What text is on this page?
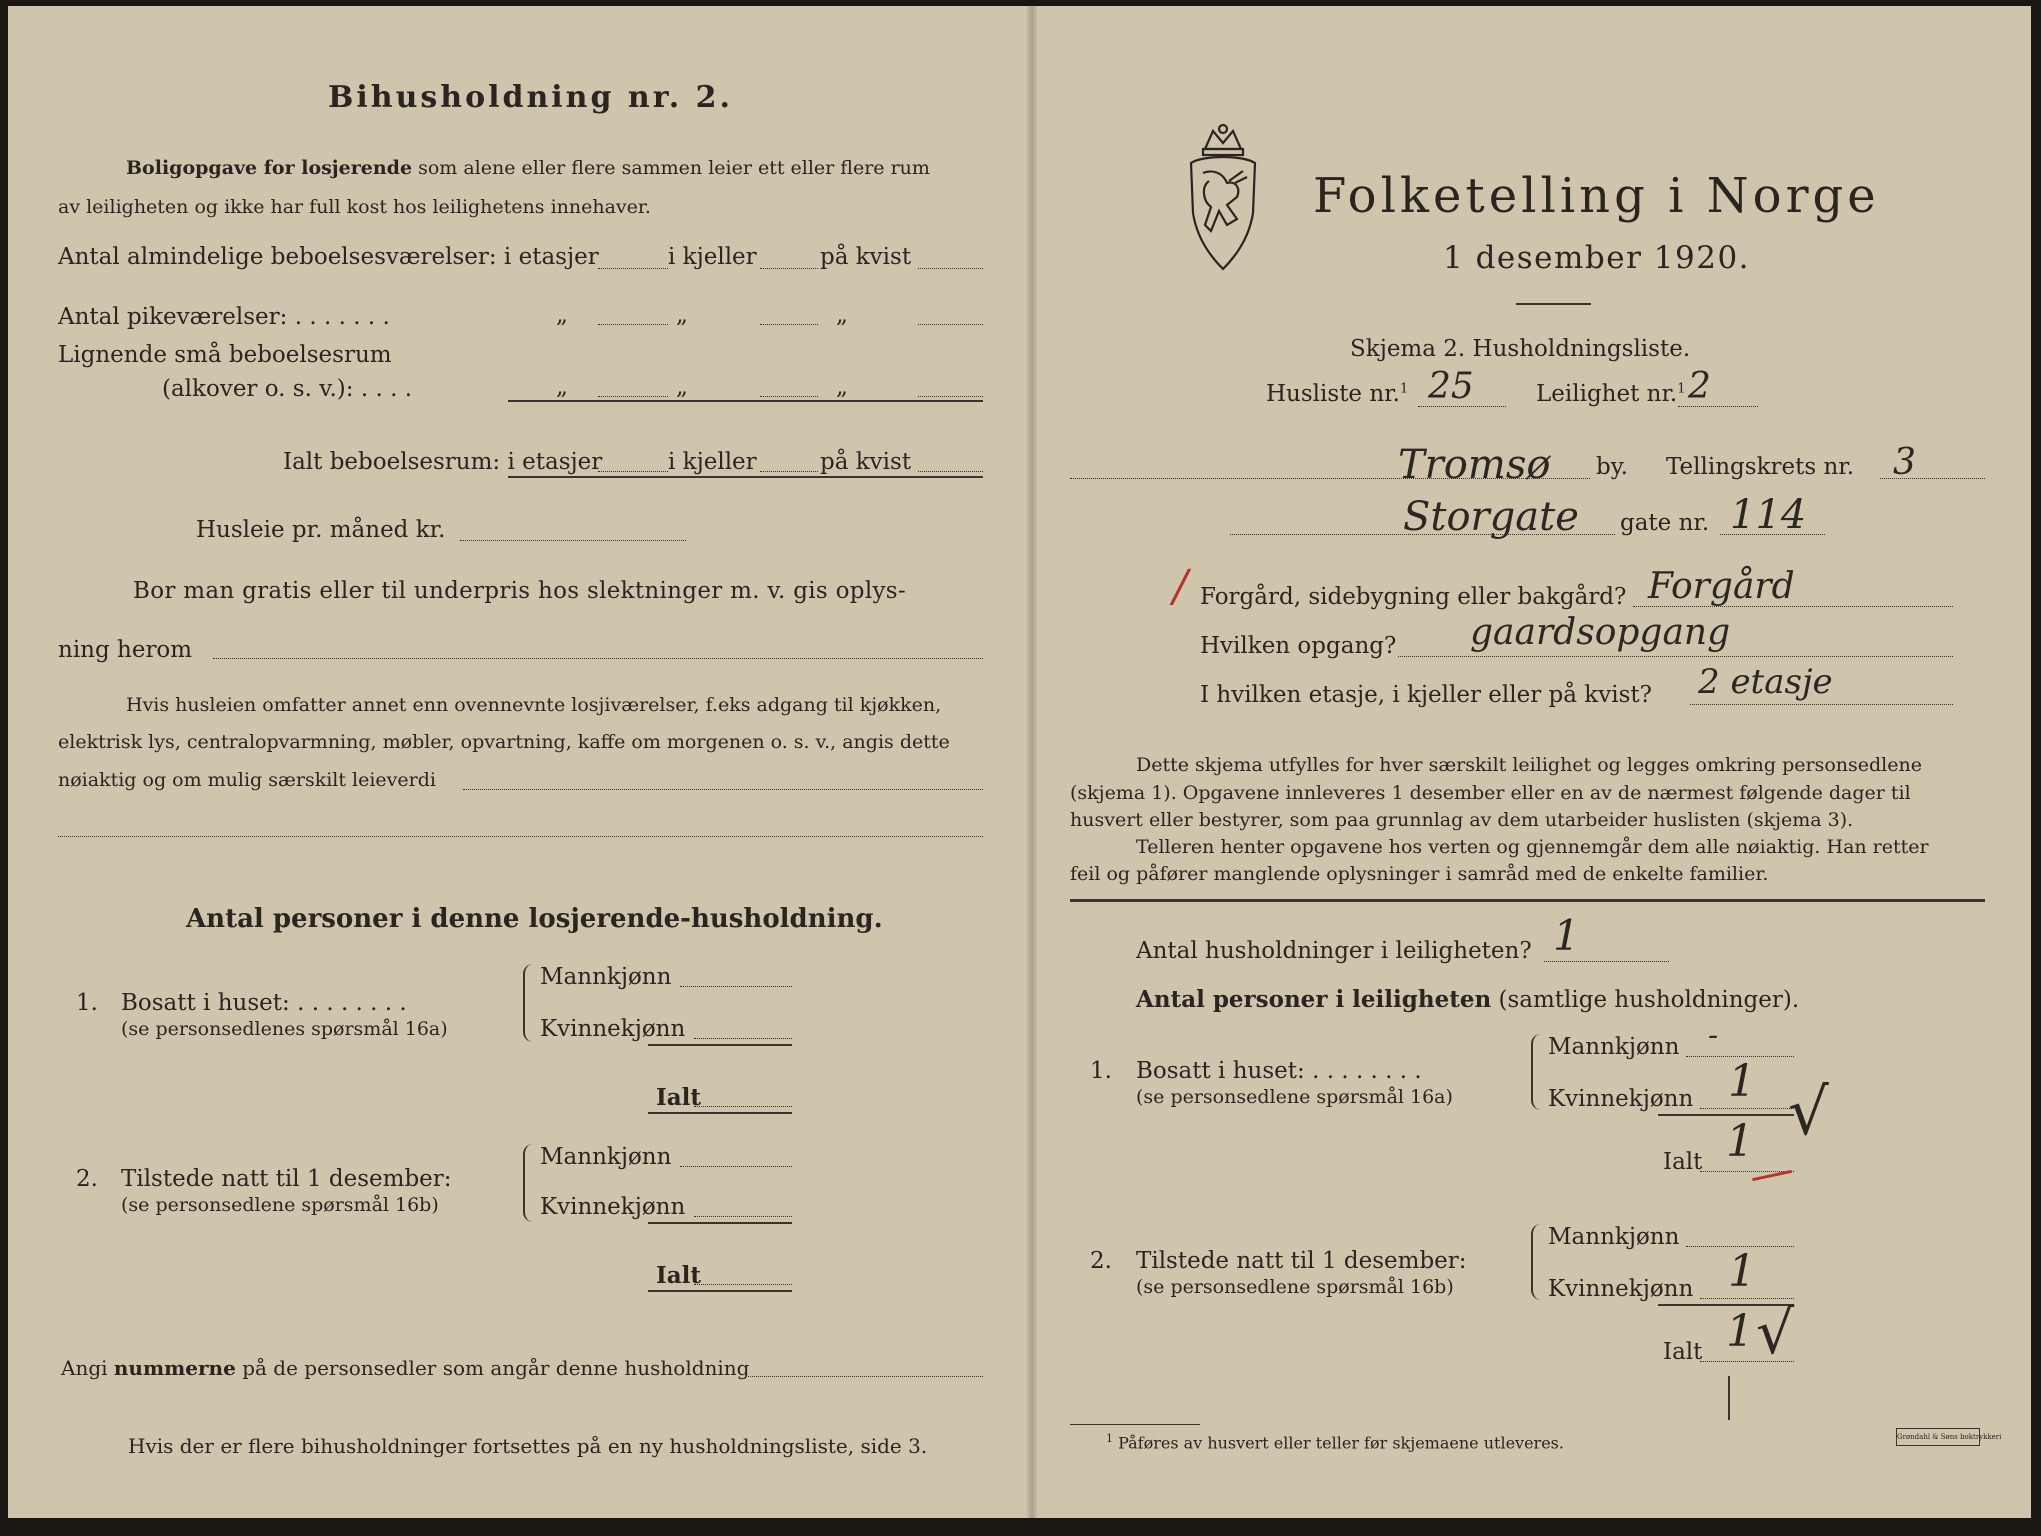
Bihusholdning nr. 2.
Boligopgave for losjerende som alene eller flere sammen leier ett eller flere rum
av leiligheten og ikke har full kost hos leilighetens innehaver.
Antal almindelige beboelsesværelser: i etasjer	i kjeller	på kvist
Antal pikeværelser: . . . . . . .	„	„	„
Lignende små beboelsesrum
(alkover o. s. v.): . . . .	„	„	„
Ialt beboelsesrum: i etasjer	i kjeller	på kvist
Husleie pr. måned kr.
Bor man gratis eller til underpris hos slektninger m. v. gis oplys-
ning herom
Hvis husleien omfatter annet enn ovennevnte losjiværelser, f.eks adgang til kjøkken,
elektrisk lys, centralopvarmning, møbler, opvartning, kaffe om morgenen o. s. v., angis dette
nøiaktig og om mulig særskilt leieverdi
Antal personer i denne losjerende-husholdning.
1. Bosatt i huset: . . . . . . . .
(se personsedlenes spørsmål 16a)
Mannkjønn
Kvinnekjønn
Ialt
2. Tilstede natt til 1 desember:
(se personsedlene spørsmål 16b)
Mannkjønn
Kvinnekjønn
Ialt
Angi nummerne på de personsedler som angår denne husholdning
Hvis der er flere bihusholdninger fortsettes på en ny husholdningsliste, side 3.
Folketelling i Norge
1 desember 1920.
Skjema 2. Husholdningsliste.
Husliste nr.$^1$ 25	Leilighet nr.$^1$ 2
Tromsø by. Tellingskrets nr. 3
Storgate gate nr. 114
/ Forgård, sidebygning eller bakgård? Forgård
Hvilken opgang? gaardsopgang
I hvilken etasje, i kjeller eller på kvist? 2 etasje
Dette skjema utfylles for hver særskilt leilighet og legges omkring personsedlene
(skjema 1). Opgavene innleveres 1 desember eller en av de nærmest følgende dager til
husvert eller bestyrer, som paa grunnlag av dem utarbeider huslisten (skjema 3).
Telleren henter opgavene hos verten og gjennemgår dem alle nøiaktig. Han retter
feil og påfører manglende oplysninger i samråd med de enkelte familier.
Antal husholdninger i leiligheten? 1
Antal personer i leiligheten (samtlige husholdninger).
1. Bosatt i huset: . . . . . . . .
(se personsedlene spørsmål 16a)
Mannkjønn -
Kvinnekjønn 1 √
Ialt 1
2. Tilstede natt til 1 desember:
(se personsedlene spørsmål 16b)
Mannkjønn
Kvinnekjønn 1
Ialt 1 √
$^1$ Påføres av husvert eller teller før skjemaene utleveres.	Grøndahl & Søns boktrykkeri
